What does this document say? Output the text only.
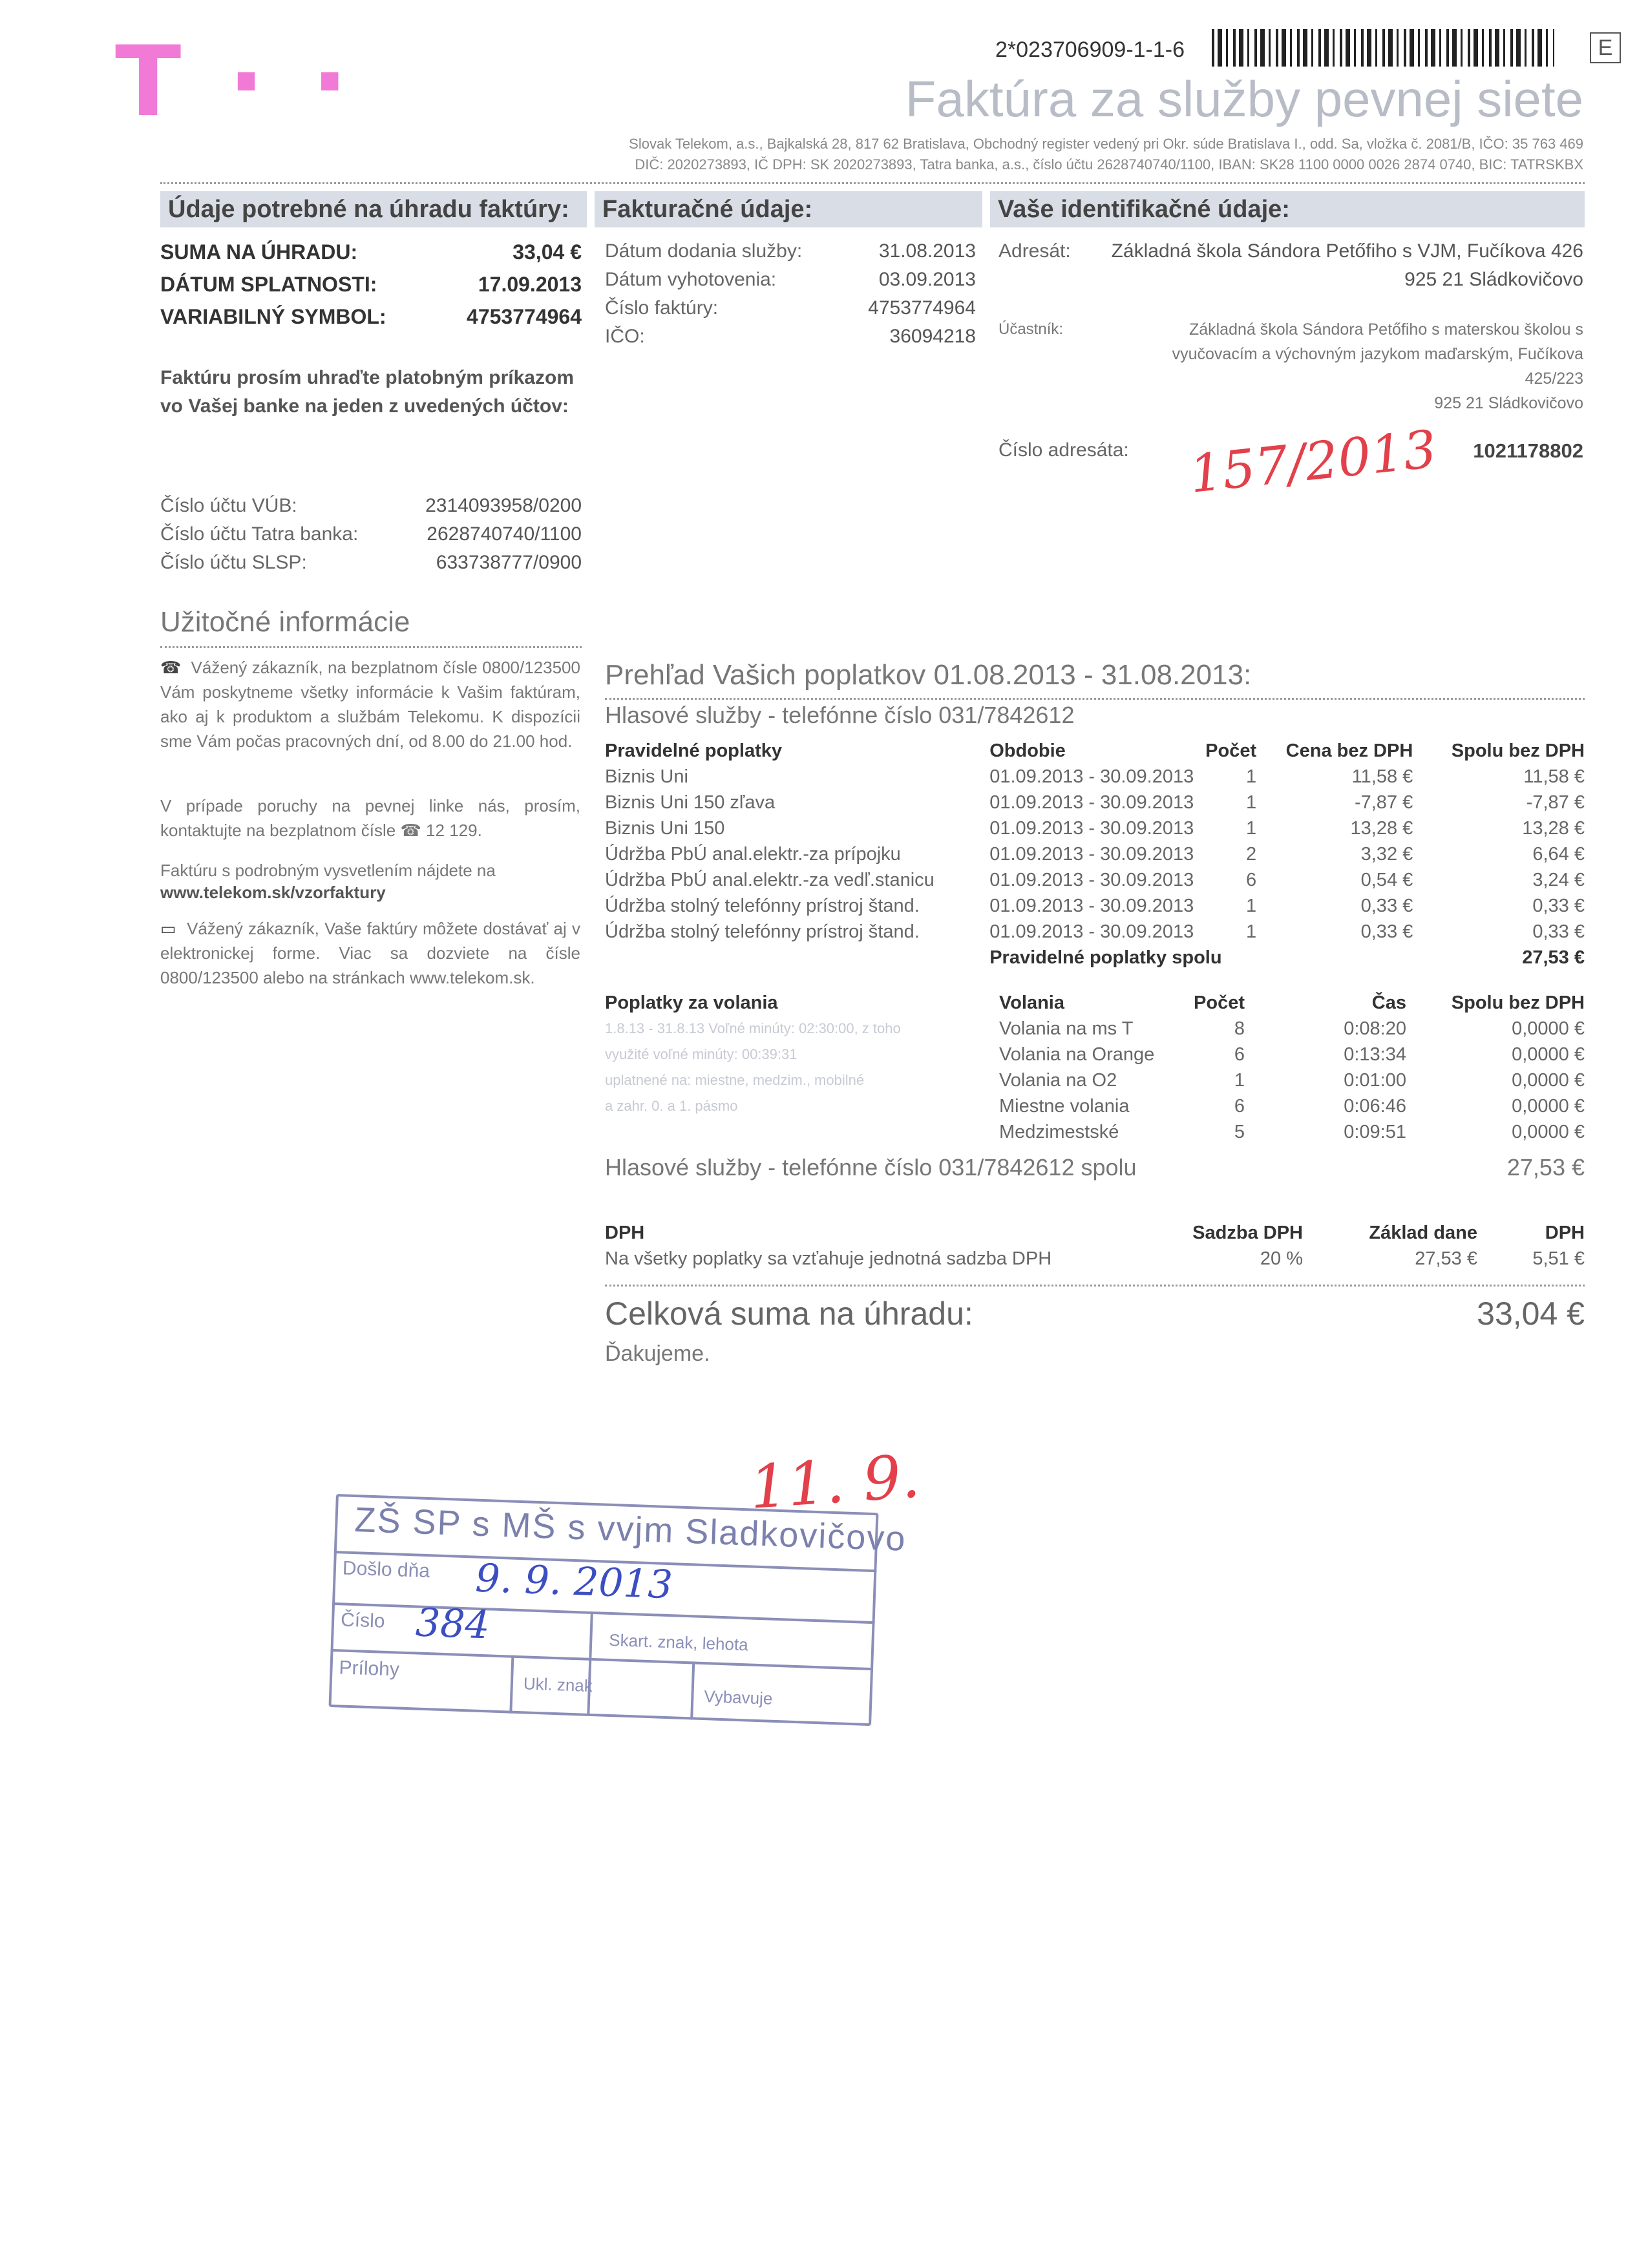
T · ·	2*023706909-1-1-6	E
Faktúra za služby pevnej siete
Slovak Telekom, a.s., Bajkalská 28, 817 62 Bratislava, Obchodný register vedený pri Okr. súde Bratislava I., odd. Sa, vložka č. 2081/B, IČO: 35 763 469
DIČ: 2020273893, IČ DPH: SK 2020273893, Tatra banka, a.s., číslo účtu 2628740740/1100, IBAN: SK28 1100 0000 0026 2874 0740, BIC: TATRSKBX
Údaje potrebné na úhradu faktúry:	Fakturačné údaje:	Vaše identifikačné údaje:
SUMA NA ÚHRADU:	33,04 €
DÁTUM SPLATNOSTI:	17.09.2013
VARIABILNÝ SYMBOL:	4753774964
Faktúru prosím uhraďte platobným príkazom
vo Vašej banke na jeden z uvedených účtov:
Číslo účtu VÚB:	2314093958/0200
Číslo účtu Tatra banka:	2628740740/1100
Číslo účtu SLSP:	633738777/0900
Dátum dodania služby:	31.08.2013
Dátum vyhotovenia:	03.09.2013
Číslo faktúry:	4753774964
IČO:	36094218
Adresát:	Základná škola Sándora Petőfiho s VJM, Fučíkova 426
925 21 Sládkovičovo
Účastník:	Základná škola Sándora Petőfiho s materskou školou s
vyučovacím a výchovným jazykom maďarským, Fučíkova
425/223
925 21 Sládkovičovo
Číslo adresáta:	1021178802
157/2013
Užitočné informácie
☎  Vážený zákazník, na bezplatnom čísle 0800/123500 Vám poskytneme všetky informácie k Vašim faktúram, ako aj k produktom a službám Telekomu. K dispozícii sme Vám počas pracovných dní, od 8.00 do 21.00 hod.
V prípade poruchy na pevnej linke nás, prosím, kontaktujte na bezplatnom čísle ☎ 12 129.
Faktúru s podrobným vysvetlením nájdete na
www.telekom.sk/vzorfaktury
▭  Vážený zákazník, Vaše faktúry môžete dostávať aj v elektronickej forme. Viac sa dozviete na čísle 0800/123500 alebo na stránkach www.telekom.sk.
Prehľad Vašich poplatkov 01.08.2013 - 31.08.2013:
Hlasové služby - telefónne číslo 031/7842612
Pravidelné poplatky	Obdobie	Počet	Cena bez DPH	Spolu bez DPH
Biznis Uni	01.09.2013 - 30.09.2013	1	11,58 €	11,58 €
Biznis Uni 150 zľava	01.09.2013 - 30.09.2013	1	-7,87 €	-7,87 €
Biznis Uni 150	01.09.2013 - 30.09.2013	1	13,28 €	13,28 €
Údržba PbÚ anal.elektr.-za prípojku	01.09.2013 - 30.09.2013	2	3,32 €	6,64 €
Údržba PbÚ anal.elektr.-za vedľ.stanicu	01.09.2013 - 30.09.2013	6	0,54 €	3,24 €
Údržba stolný telefónny prístroj štand.	01.09.2013 - 30.09.2013	1	0,33 €	0,33 €
Údržba stolný telefónny prístroj štand.	01.09.2013 - 30.09.2013	1	0,33 €	0,33 €
	Pravidelné poplatky spolu			27,53 €
Poplatky za volania	Volania	Počet	Čas	Spolu bez DPH
1.8.13 - 31.8.13 Voľné minúty: 02:30:00, z toho	Volania na ms T	8	0:08:20	0,0000 €
využité voľné minúty: 00:39:31	Volania na Orange	6	0:13:34	0,0000 €
uplatnené na: miestne, medzim., mobilné	Volania na O2	1	0:01:00	0,0000 €
a zahr. 0. a 1. pásmo	Miestne volania	6	0:06:46	0,0000 €
	Medzimestské	5	0:09:51	0,0000 €
Hlasové služby - telefónne číslo 031/7842612 spolu	27,53 €
DPH	Sadzba DPH	Základ dane	DPH
Na všetky poplatky sa vzťahuje jednotná sadzba DPH	20 %	27,53 €	5,51 €
Celková suma na úhradu:	33,04 €
Ďakujeme.
11. 9.
ZŠ SP s MŠ s vvjm Sladkovičovo
Došlo dňa 9. 9. 2013
Číslo 384	Skart. znak, lehota
Prílohy
Ukl. znak
Vybavuje
